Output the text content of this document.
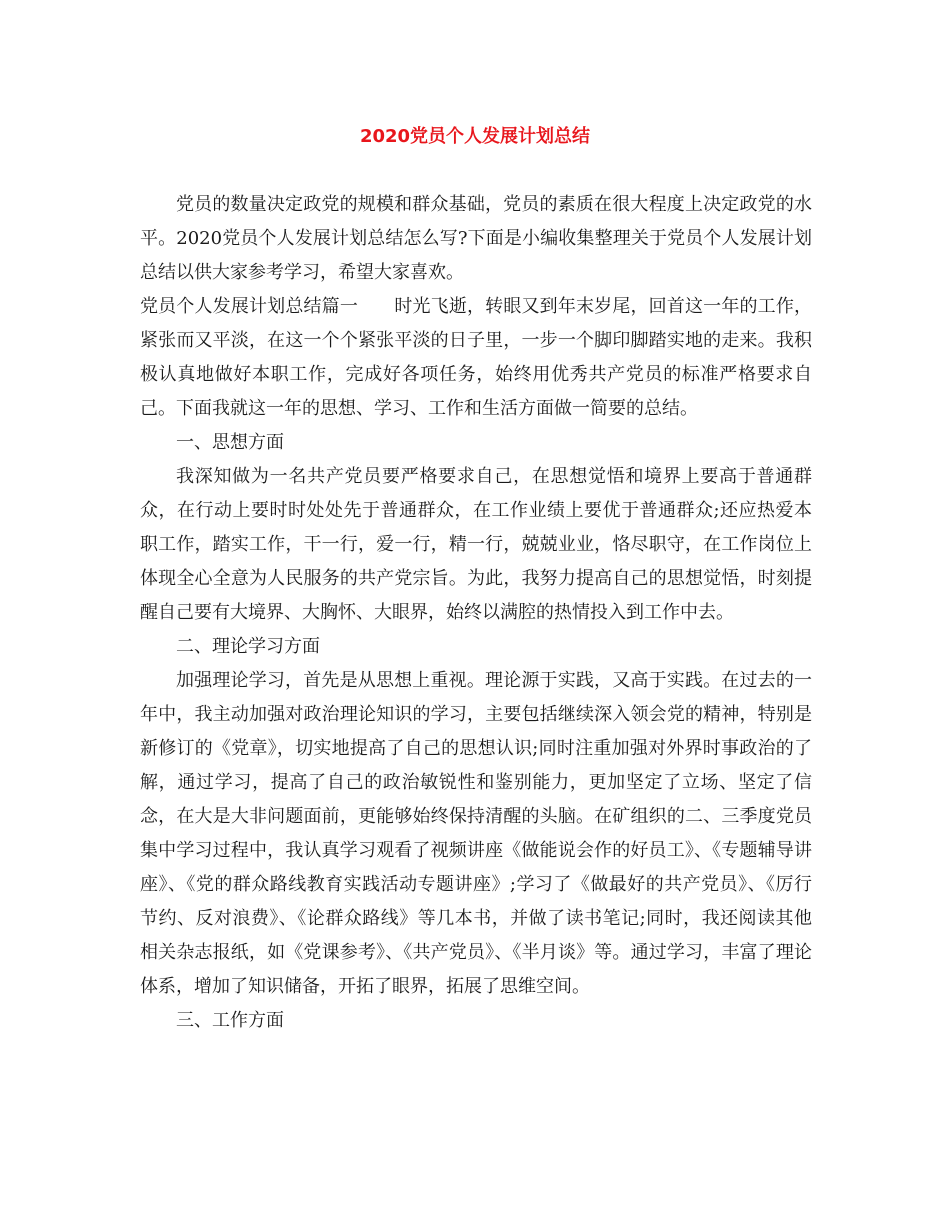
2020党员个人发展计划总结

党员的数量决定政党的规模和群众基础，党员的素质在很大程度上决定政党的水平。2020党员个人发展计划总结怎么写?下面是小编收集整理关于党员个人发展计划总结以供大家参考学习，希望大家喜欢。

党员个人发展计划总结篇一　　时光飞逝，转眼又到年末岁尾，回首这一年的工作，紧张而又平淡，在这一个个紧张平淡的日子里，一步一个脚印脚踏实地的走来。我积极认真地做好本职工作，完成好各项任务，始终用优秀共产党员的标准严格要求自己。下面我就这一年的思想、学习、工作和生活方面做一简要的总结。

一、思想方面

我深知做为一名共产党员要严格要求自己，在思想觉悟和境界上要高于普通群众，在行动上要时时处处先于普通群众，在工作业绩上要优于普通群众;还应热爱本职工作，踏实工作，干一行，爱一行，精一行，兢兢业业，恪尽职守，在工作岗位上体现全心全意为人民服务的共产党宗旨。为此，我努力提高自己的思想觉悟，时刻提醒自己要有大境界、大胸怀、大眼界，始终以满腔的热情投入到工作中去。

二、理论学习方面

加强理论学习，首先是从思想上重视。理论源于实践，又高于实践。在过去的一年中，我主动加强对政治理论知识的学习，主要包括继续深入领会党的精神，特别是新修订的《党章》，切实地提高了自己的思想认识;同时注重加强对外界时事政治的了解，通过学习，提高了自己的政治敏锐性和鉴别能力，更加坚定了立场、坚定了信念，在大是大非问题面前，更能够始终保持清醒的头脑。在矿组织的二、三季度党员集中学习过程中，我认真学习观看了视频讲座《做能说会作的好员工》、《专题辅导讲座》、《党的群众路线教育实践活动专题讲座》;学习了《做最好的共产党员》、《厉行节约、反对浪费》、《论群众路线》等几本书，并做了读书笔记;同时，我还阅读其他相关杂志报纸，如《党课参考》、《共产党员》、《半月谈》等。通过学习，丰富了理论体系，增加了知识储备，开拓了眼界，拓展了思维空间。

三、工作方面
